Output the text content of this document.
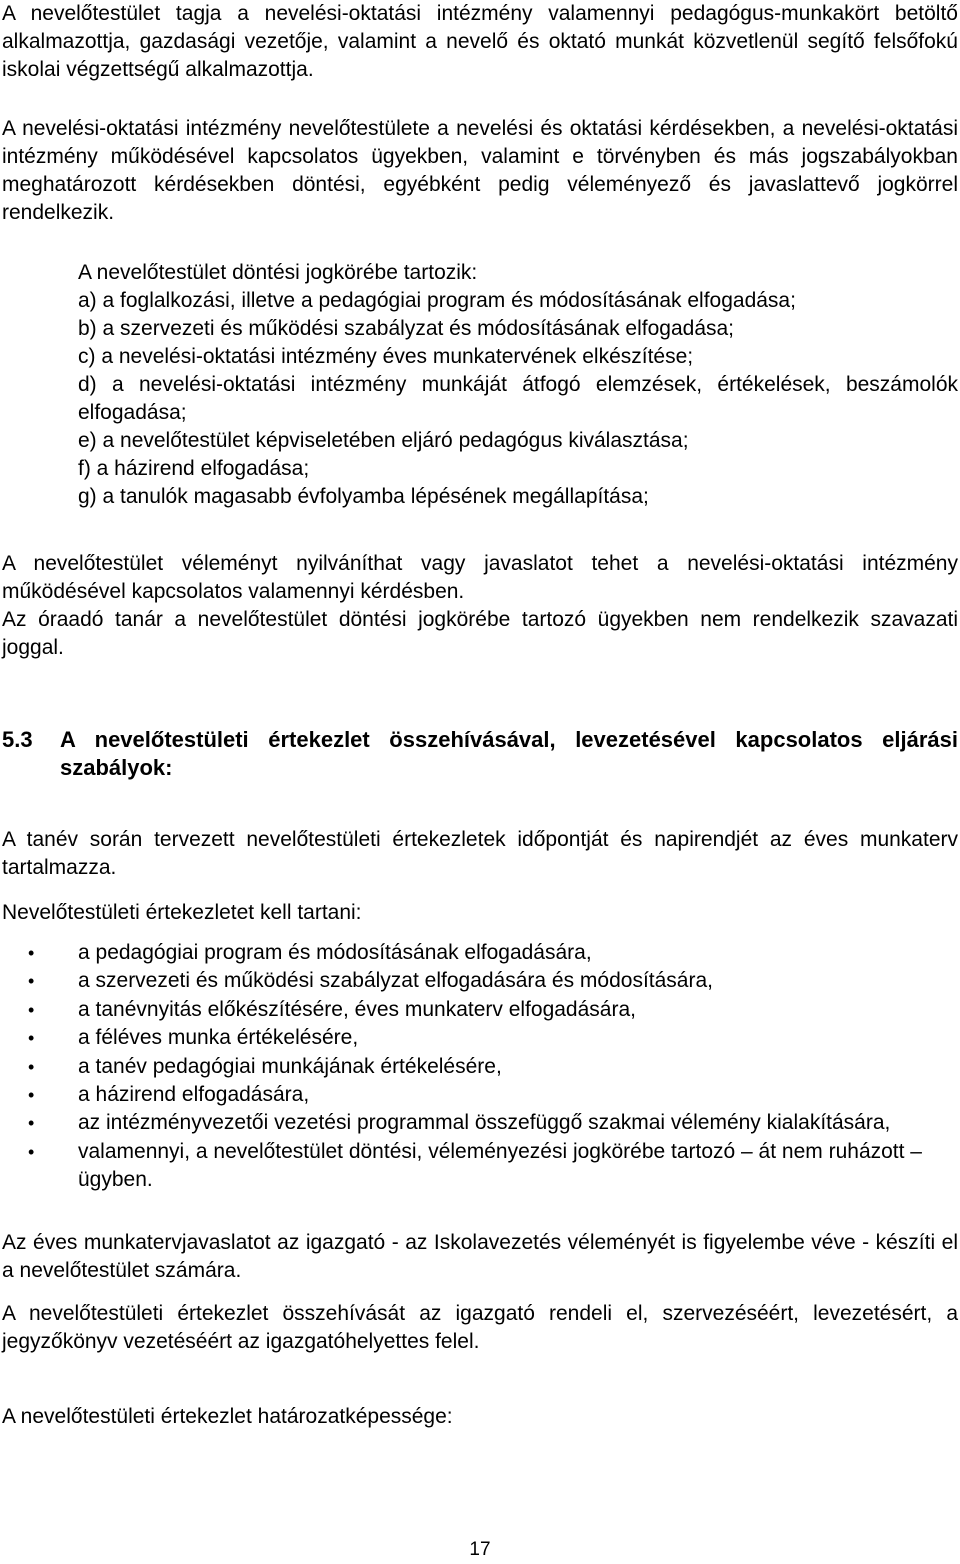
A nevelőtestület tagja a nevelési-oktatási intézmény valamennyi pedagógus-munkakört betöltő alkalmazottja, gazdasági vezetője, valamint a nevelő és oktató munkát közvetlenül segítő felsőfokú iskolai végzettségű alkalmazottja.

A nevelési-oktatási intézmény nevelőtestülete a nevelési és oktatási kérdésekben, a nevelési-oktatási intézmény működésével kapcsolatos ügyekben, valamint e törvényben és más jogszabályokban meghatározott kérdésekben döntési, egyébként pedig véleményező és javaslattevő jogkörrel rendelkezik.

A nevelőtestület döntési jogkörébe tartozik:

a) a foglalkozási, illetve a pedagógiai program és módosításának elfogadása;

b) a szervezeti és működési szabályzat és módosításának elfogadása;

c) a nevelési-oktatási intézmény éves munkatervének elkészítése;

d) a nevelési-oktatási intézmény munkáját átfogó elemzések, értékelések, beszámolók elfogadása;

e) a nevelőtestület képviseletében eljáró pedagógus kiválasztása;

f) a házirend elfogadása;

g) a tanulók magasabb évfolyamba lépésének megállapítása;

A nevelőtestület véleményt nyilváníthat vagy javaslatot tehet a nevelési-oktatási intézmény működésével kapcsolatos valamennyi kérdésben.

Az óraadó tanár a nevelőtestület döntési jogkörébe tartozó ügyekben nem rendelkezik szavazati joggal.

5.3 A nevelőtestületi értekezlet összehívásával, levezetésével kapcsolatos eljárási szabályok:

A tanév során tervezett nevelőtestületi értekezletek időpontját és napirendjét az éves munkaterv tartalmazza.

Nevelőtestületi értekezletet kell tartani:

• a pedagógiai program és módosításának elfogadására,
• a szervezeti és működési szabályzat elfogadására és módosítására,
• a tanévnyitás előkészítésére, éves munkaterv elfogadására,
• a féléves munka értékelésére,
• a tanév pedagógiai munkájának értékelésére,
• a házirend elfogadására,
• az intézményvezetői vezetési programmal összefüggő szakmai vélemény kialakítására,
• valamennyi, a nevelőtestület döntési, véleményezési jogkörébe tartozó – át nem ruházott – ügyben.

Az éves munkatervjavaslatot az igazgató - az Iskolavezetés véleményét is figyelembe véve - készíti el a nevelőtestület számára.

A nevelőtestületi értekezlet összehívását az igazgató rendeli el, szervezéséért, levezetésért, a jegyzőkönyv vezetéséért az igazgatóhelyettes felel.

A nevelőtestületi értekezlet határozatképessége:

17
